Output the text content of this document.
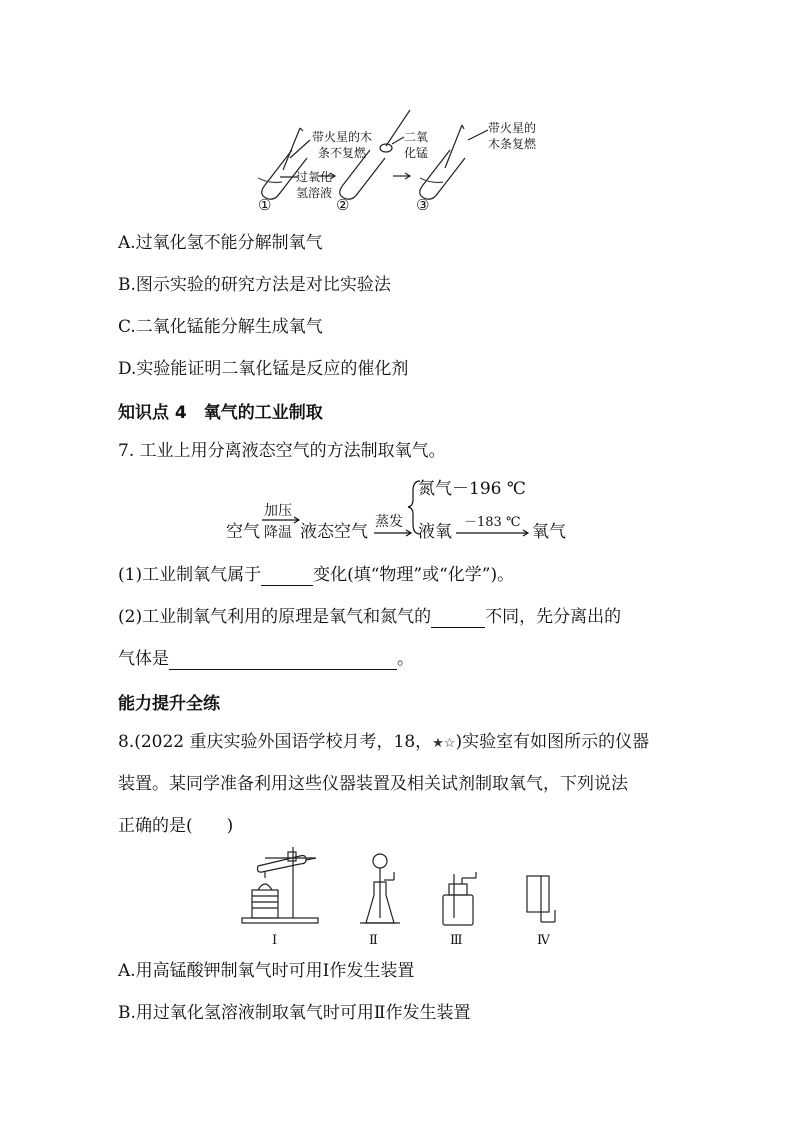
带火星的木
条不复燃
过氧化
氢溶液
二氧
化锰
带火星的
木条复燃
①	②	③
A.过氧化氢不能分解制氧气
B.图示实验的研究方法是对比实验法
C.二氧化锰能分解生成氧气
D.实验能证明二氧化锰是反应的催化剂
知识点 4　氧气的工业制取
7. 工业上用分离液态空气的方法制取氧气。
加压
降温
空气 液态空气 蒸发
氮气－196 ℃
液氧 －183 ℃ 氧气
(1)工业制氧气属于	变化(填“物理”或“化学”)。
(2)工业制氧气利用的原理是氧气和氮气的	不同，先分离出的
气体是	。
能力提升全练
8.(2022 重庆实验外国语学校月考，18，★☆)实验室有如图所示的仪器
装置。某同学准备利用这些仪器装置及相关试剂制取氧气，下列说法
正确的是(　　)
Ⅰ	Ⅱ	Ⅲ	Ⅳ
A.用高锰酸钾制氧气时可用Ⅰ作发生装置
B.用过氧化氢溶液制取氧气时可用Ⅱ作发生装置
